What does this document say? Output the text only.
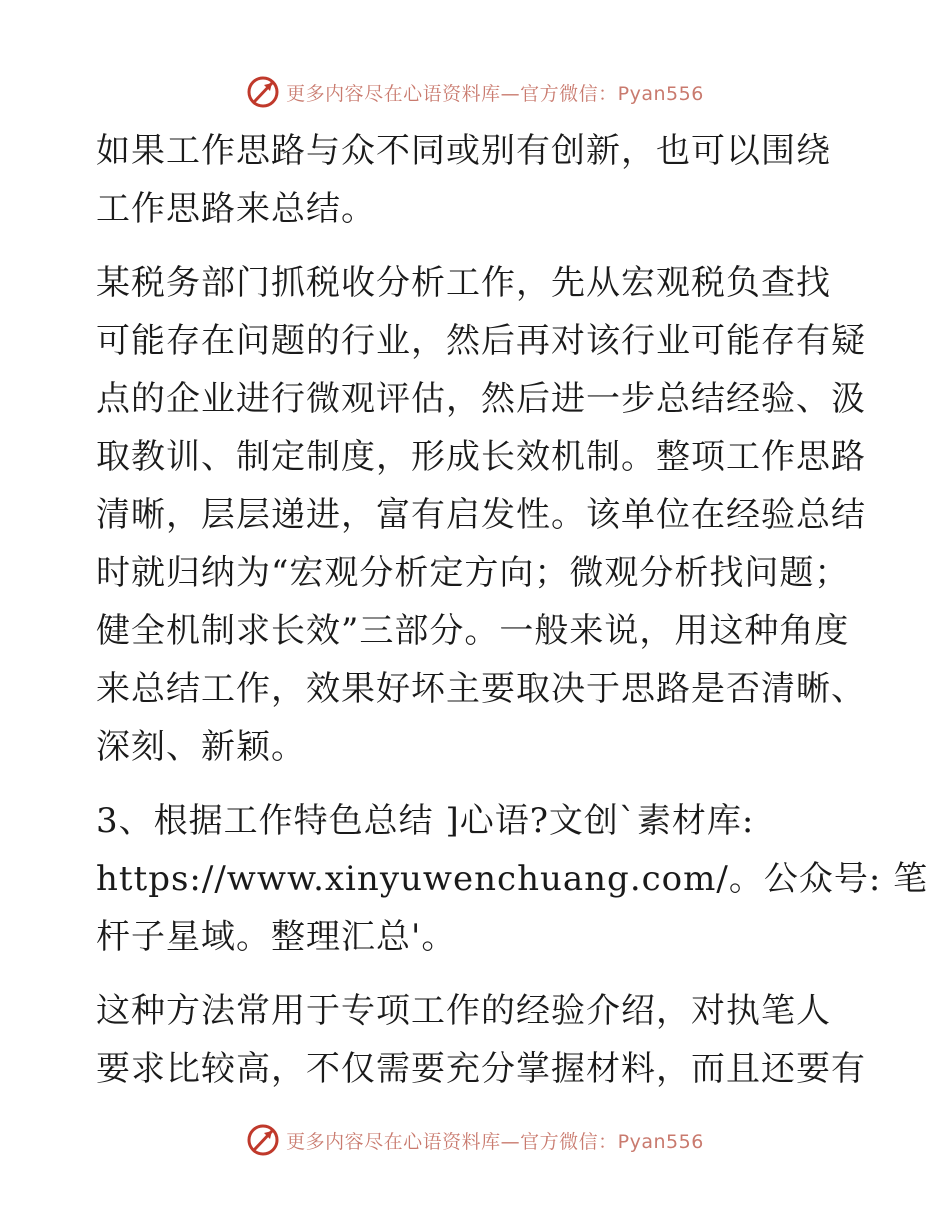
更多内容尽在心语资料库—官方微信：Pyan556
如果工作思路与众不同或别有创新，也可以围绕
工作思路来总结。
某税务部门抓税收分析工作，先从宏观税负查找
可能存在问题的行业，然后再对该行业可能存有疑
点的企业进行微观评估，然后进一步总结经验、汲
取教训、制定制度，形成长效机制。整项工作思路
清晰，层层递进，富有启发性。该单位在经验总结
时就归纳为“宏观分析定方向；微观分析找问题；
健全机制求长效”三部分。一般来说，用这种角度
来总结工作，效果好坏主要取决于思路是否清晰、
深刻、新颖。
3、根据工作特色总结 ]心语?文创`素材库:
https://www.xinyuwenchuang.com/。公众号: 笔
杆子星域。整理汇总'。
这种方法常用于专项工作的经验介绍，对执笔人
要求比较高，不仅需要充分掌握材料，而且还要有
更多内容尽在心语资料库—官方微信：Pyan556
